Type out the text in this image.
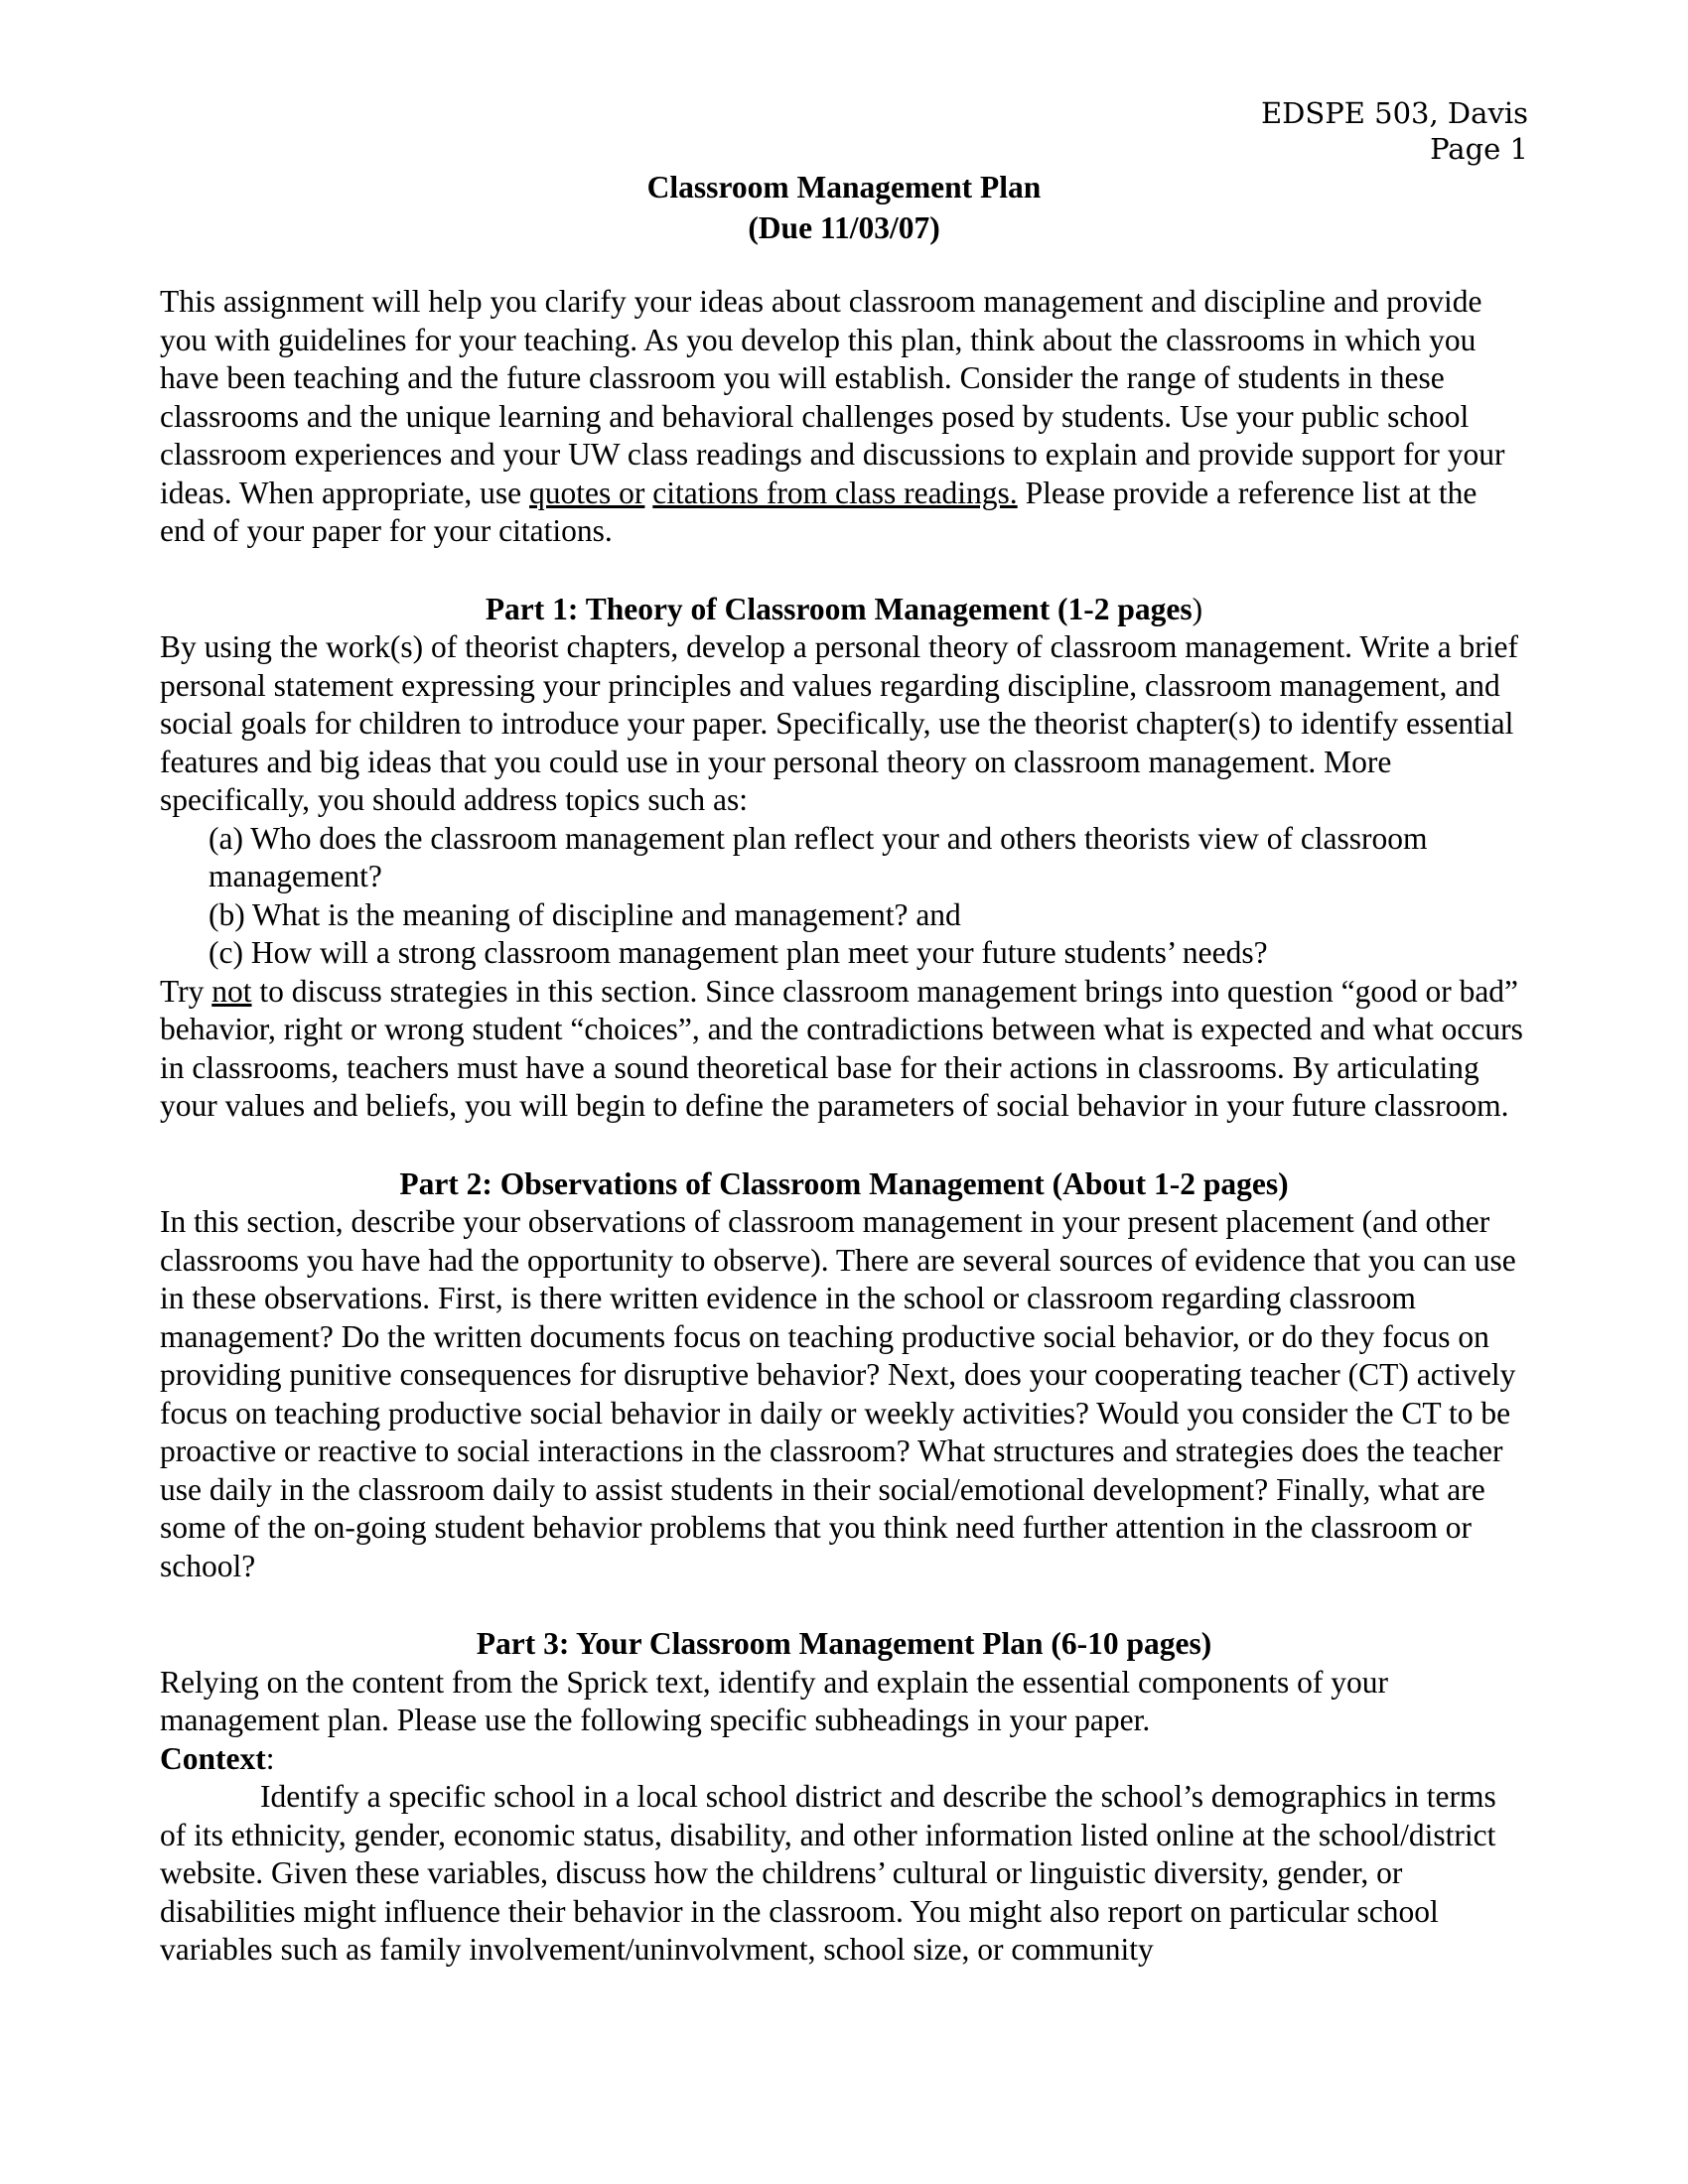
EDSPE 503, Davis
Page 1
Classroom Management Plan
(Due 11/03/07)

This assignment will help you clarify your ideas about classroom management and discipline and provide you with guidelines for your teaching. As you develop this plan, think about the classrooms in which you have been teaching and the future classroom you will establish. Consider the range of students in these classrooms and the unique learning and behavioral challenges posed by students. Use your public school classroom experiences and your UW class readings and discussions to explain and provide support for your ideas. When appropriate, use quotes or citations from class readings. Please provide a reference list at the end of your paper for your citations.

Part 1: Theory of Classroom Management (1-2 pages)

By using the work(s) of theorist chapters, develop a personal theory of classroom management. Write a brief personal statement expressing your principles and values regarding discipline, classroom management, and social goals for children to introduce your paper. Specifically, use the theorist chapter(s) to identify essential features and big ideas that you could use in your personal theory on classroom management. More specifically, you should address topics such as:

(a) Who does the classroom management plan reflect your and others theorists view of classroom management?
(b) What is the meaning of discipline and management? and
(c) How will a strong classroom management plan meet your future students’ needs?

Try not to discuss strategies in this section. Since classroom management brings into question “good or bad” behavior, right or wrong student “choices”, and the contradictions between what is expected and what occurs in classrooms, teachers must have a sound theoretical base for their actions in classrooms. By articulating your values and beliefs, you will begin to define the parameters of social behavior in your future classroom.

Part 2: Observations of Classroom Management (About 1-2 pages)

In this section, describe your observations of classroom management in your present placement (and other classrooms you have had the opportunity to observe). There are several sources of evidence that you can use in these observations. First, is there written evidence in the school or classroom regarding classroom management? Do the written documents focus on teaching productive social behavior, or do they focus on providing punitive consequences for disruptive behavior? Next, does your cooperating teacher (CT) actively focus on teaching productive social behavior in daily or weekly activities? Would you consider the CT to be proactive or reactive to social interactions in the classroom? What structures and strategies does the teacher use daily in the classroom daily to assist students in their social/emotional development? Finally, what are some of the on-going student behavior problems that you think need further attention in the classroom or school?

Part 3: Your Classroom Management Plan (6-10 pages)

Relying on the content from the Sprick text, identify and explain the essential components of your management plan. Please use the following specific subheadings in your paper.

Context:

Identify a specific school in a local school district and describe the school’s demographics in terms of its ethnicity, gender, economic status, disability, and other information listed online at the school/district website. Given these variables, discuss how the childrens’ cultural or linguistic diversity, gender, or disabilities might influence their behavior in the classroom. You might also report on particular school variables such as family involvement/uninvolvment, school size, or community
